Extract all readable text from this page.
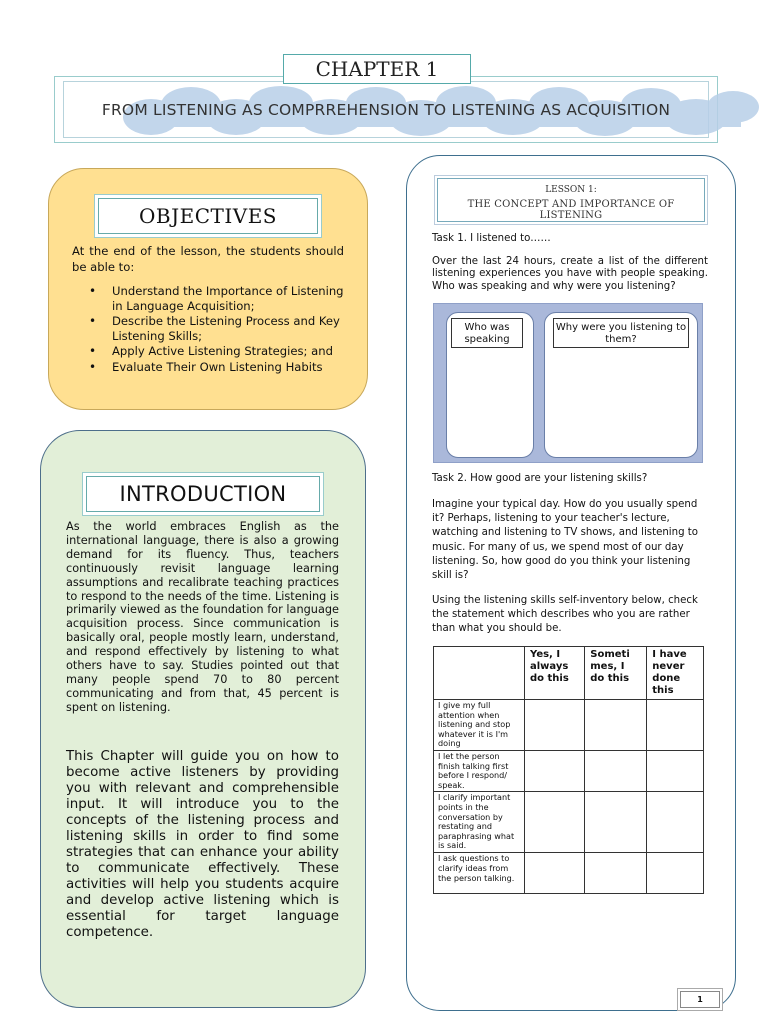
FROM LISTENING AS COMPRREHENSION TO LISTENING AS ACQUISITION
CHAPTER 1
OBJECTIVES
At the end of the lesson, the students should be able to:
• Understand the Importance of Listening in Language Acquisition;
• Describe the Listening Process and Key Listening Skills;
• Apply Active Listening Strategies; and
• Evaluate Their Own Listening Habits
INTRODUCTION
As the world embraces English as the international language, there is also a growing demand for its fluency. Thus, teachers continuously revisit language learning assumptions and recalibrate teaching practices to respond to the needs of the time. Listening is primarily viewed as the foundation for language acquisition process. Since communication is basically oral, people mostly learn, understand, and respond effectively by listening to what others have to say. Studies pointed out that many people spend 70 to 80 percent communicating and from that, 45 percent is spent on listening.
This Chapter will guide you on how to become active listeners by providing you with relevant and comprehensible input. It will introduce you to the concepts of the listening process and listening skills in order to find some strategies that can enhance your ability to communicate effectively. These activities will help you students acquire and develop active listening which is essential for target language competence.
LESSON 1:
THE CONCEPT AND IMPORTANCE OF LISTENING
Task 1. I listened to……
Over the last 24 hours, create a list of the different listening experiences you have with people speaking. Who was speaking and why were you listening?
Who was speaking
Why were you listening to them?
Task 2. How good are your listening skills?
Imagine your typical day. How do you usually spend it? Perhaps, listening to your teacher's lecture, watching and listening to TV shows, and listening to music. For many of us, we spend most of our day listening. So, how good do you think your listening skill is?
Using the listening skills self-inventory below, check the statement which describes who you are rather than what you should be.
	Yes, I always do this	Someti mes, I do this	I have never done this
I give my full attention when listening and stop whatever it is I'm doing			
I let the person finish talking first before I respond/ speak.			
I clarify important points in the conversation by restating and paraphrasing what is said.			
I ask questions to clarify ideas from the person talking.			
1
